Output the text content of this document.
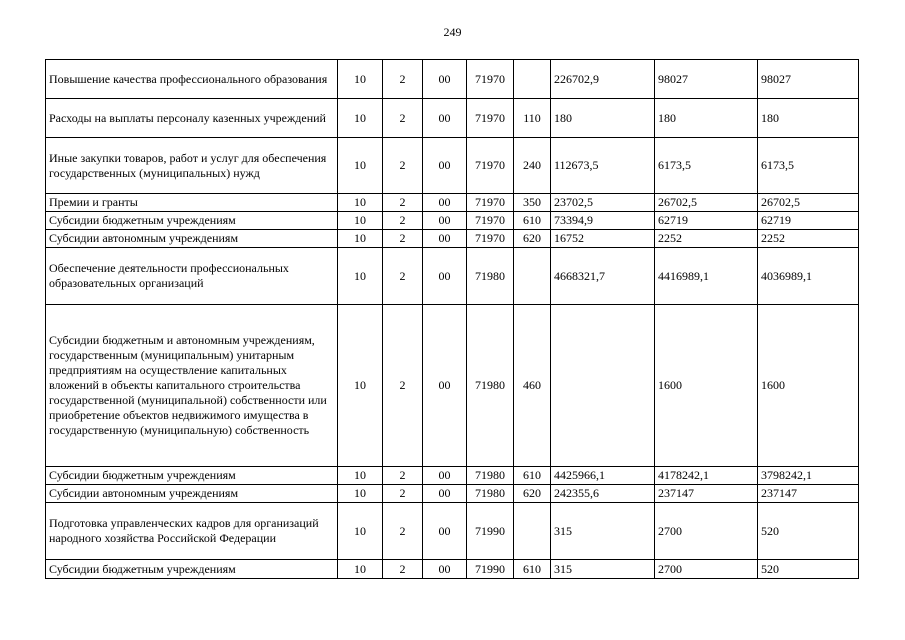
249
Повышение качества профессионального образования	10	2	00	71970		226702,9	98027	98027
Расходы на выплаты персоналу казенных учреждений	10	2	00	71970	110	180	180	180
Иные закупки товаров, работ и услуг для обеспечения государственных (муниципальных) нужд	10	2	00	71970	240	112673,5	6173,5	6173,5
Премии и гранты	10	2	00	71970	350	23702,5	26702,5	26702,5
Субсидии бюджетным учреждениям	10	2	00	71970	610	73394,9	62719	62719
Субсидии автономным учреждениям	10	2	00	71970	620	16752	2252	2252
Обеспечение деятельности профессиональных образовательных организаций	10	2	00	71980		4668321,7	4416989,1	4036989,1
Субсидии бюджетным и автономным учреждениям, государственным (муниципальным) унитарным предприятиям на осуществление капитальных вложений в объекты капитального строительства государственной (муниципальной) собственности или приобретение объектов недвижимого имущества в государственную (муниципальную) собственность	10	2	00	71980	460		1600	1600
Субсидии бюджетным учреждениям	10	2	00	71980	610	4425966,1	4178242,1	3798242,1
Субсидии автономным учреждениям	10	2	00	71980	620	242355,6	237147	237147
Подготовка управленческих кадров для организаций народного хозяйства Российской Федерации	10	2	00	71990		315	2700	520
Субсидии бюджетным учреждениям	10	2	00	71990	610	315	2700	520
